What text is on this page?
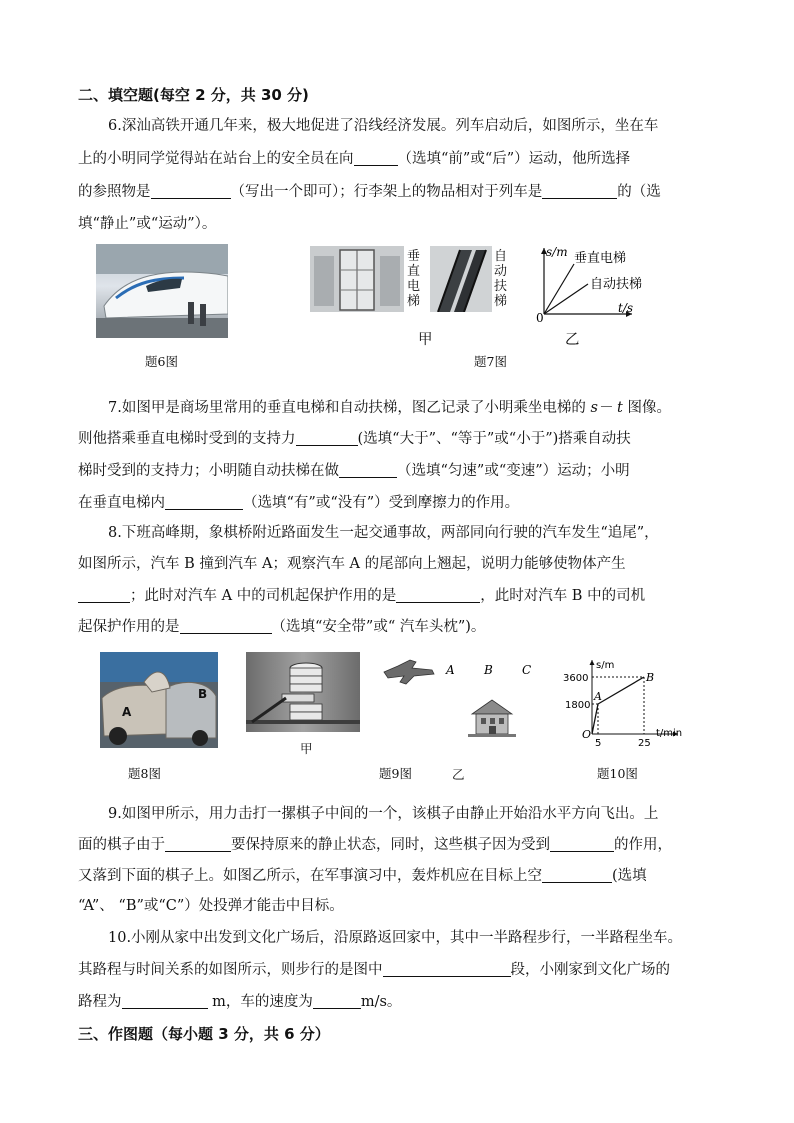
二、填空题(每空 2 分，共 30 分)
6.深汕高铁开通几年来，极大地促进了沿线经济发展。列车启动后，如图所示，坐在车
上的小明同学觉得站在站台上的安全员在向	（选填“前”或“后”）运动，他所选择
的参照物是	（写出一个即可）；行李架上的物品相对于列车是	的（选
填“静止”或“运动”）。
题6图
垂直电梯
自动扶梯
s/m
t/s
0
垂直电梯
自动扶梯
甲	乙
题7图
7.如图甲是商场里常用的垂直电梯和自动扶梯，图乙记录了小明乘坐电梯的 s－ t 图像。
则他搭乘垂直电梯时受到的支持力	(选填“大于”、“等于”或“小于”)搭乘自动扶
梯时受到的支持力；小明随自动扶梯在做	（选填“匀速”或“变速”）运动；小明
在垂直电梯内	（选填“有”或“没有”）受到摩擦力的作用。
8.下班高峰期，象棋桥附近路面发生一起交通事故，两部同向行驶的汽车发生“追尾”，
如图所示，汽车 B 撞到汽车 A；观察汽车 A 的尾部向上翘起，说明力能够使物体产生
；此时对汽车 A 中的司机起保护作用的是	，此时对汽车 B 中的司机
起保护作用的是	（选填“安全带”或“ 汽车头枕”)。
A
B
题8图
甲
A B C
乙
题9图
s/m
t/min
3600
1800
5	25
O
A
B
题10图
9.如图甲所示，用力击打一摞棋子中间的一个，该棋子由静止开始沿水平方向飞出。上
面的棋子由于	要保持原来的静止状态，同时，这些棋子因为受到	的作用，
又落到下面的棋子上。如图乙所示，在军事演习中，轰炸机应在目标上空	(选填
“A”、 “B”或“C”）处投弹才能击中目标。
10.小刚从家中出发到文化广场后，沿原路返回家中，其中一半路程步行，一半路程坐车。
其路程与时间关系的如图所示，则步行的是图中	段，小刚家到文化广场的
路程为	m，车的速度为	m/s。
三、作图题（每小题 3 分，共 6 分）
